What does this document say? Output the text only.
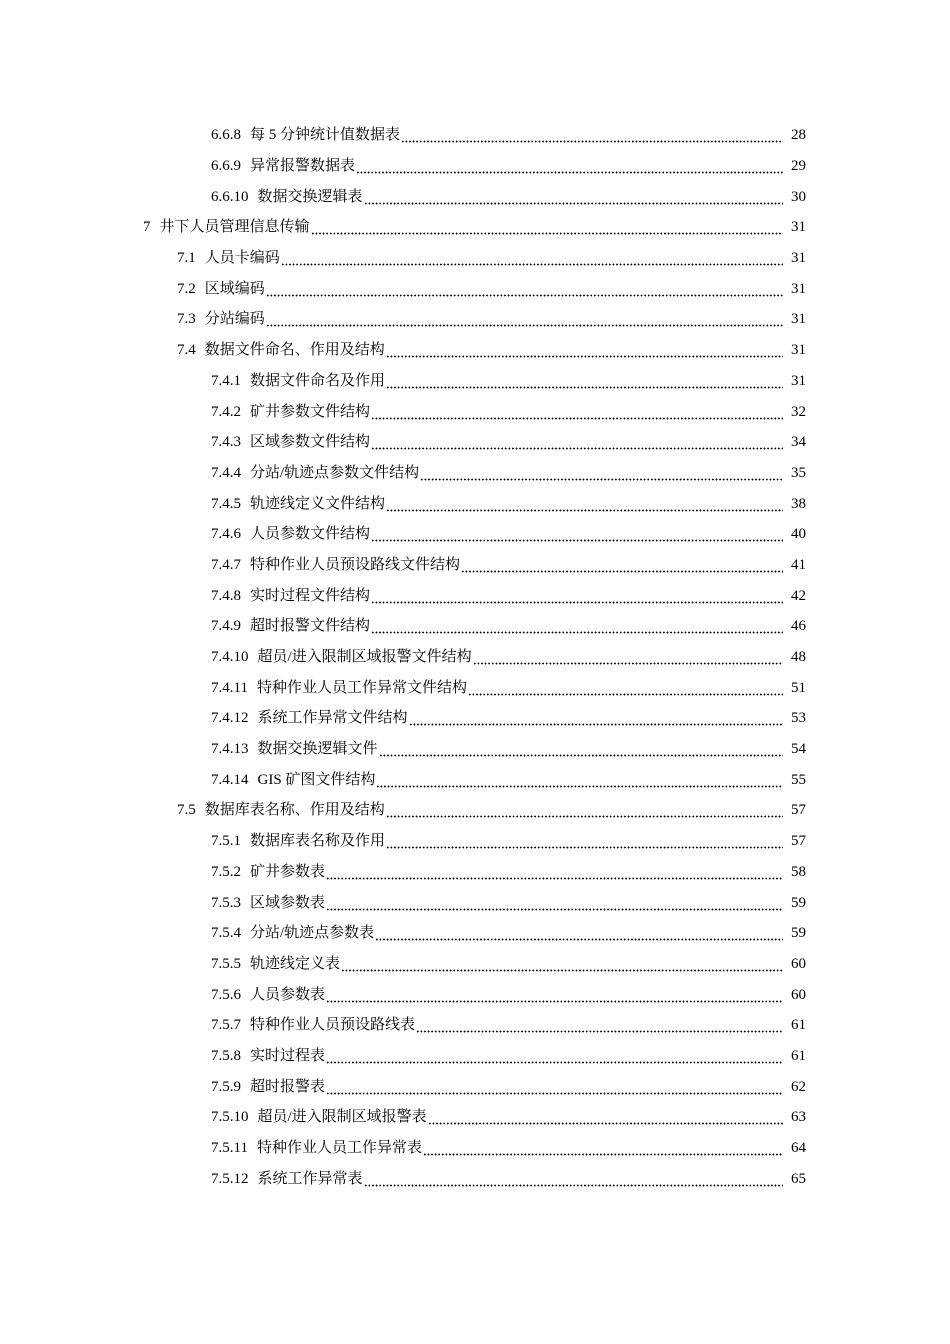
6.6.8 每 5 分钟统计值数据表	28
6.6.9 异常报警数据表	29
6.6.10 数据交换逻辑表	30
7 井下人员管理信息传输	31
7.1 人员卡编码	31
7.2 区域编码	31
7.3 分站编码	31
7.4 数据文件命名、作用及结构	31
7.4.1 数据文件命名及作用	31
7.4.2 矿井参数文件结构	32
7.4.3 区域参数文件结构	34
7.4.4 分站/轨迹点参数文件结构	35
7.4.5 轨迹线定义文件结构	38
7.4.6 人员参数文件结构	40
7.4.7 特种作业人员预设路线文件结构	41
7.4.8 实时过程文件结构	42
7.4.9 超时报警文件结构	46
7.4.10 超员/进入限制区域报警文件结构	48
7.4.11 特种作业人员工作异常文件结构	51
7.4.12 系统工作异常文件结构	53
7.4.13 数据交换逻辑文件	54
7.4.14 GIS 矿图文件结构	55
7.5 数据库表名称、作用及结构	57
7.5.1 数据库表名称及作用	57
7.5.2 矿井参数表	58
7.5.3 区域参数表	59
7.5.4 分站/轨迹点参数表	59
7.5.5 轨迹线定义表	60
7.5.6 人员参数表	60
7.5.7 特种作业人员预设路线表	61
7.5.8 实时过程表	61
7.5.9 超时报警表	62
7.5.10 超员/进入限制区域报警表	63
7.5.11 特种作业人员工作异常表	64
7.5.12 系统工作异常表	65
